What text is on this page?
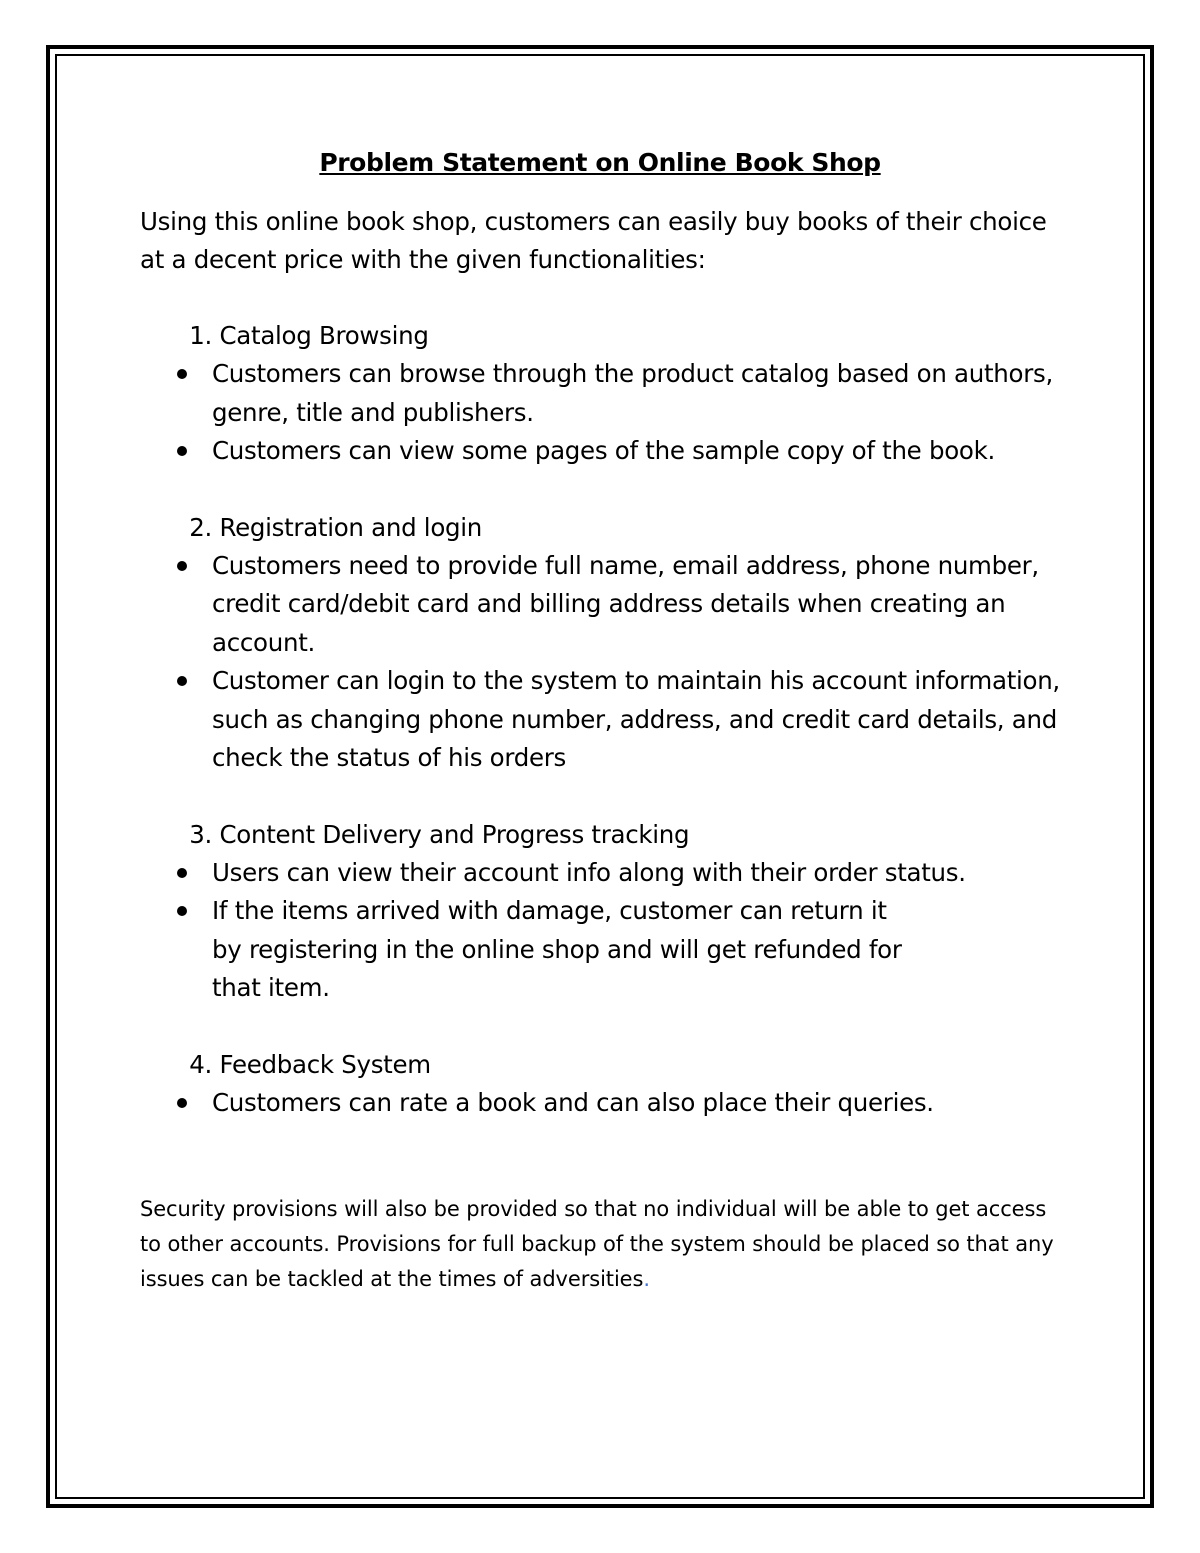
Problem Statement on Online Book Shop

Using this online book shop, customers can easily buy books of their choice at a decent price with the given functionalities:

1. Catalog Browsing
Customers can browse through the product catalog based on authors, genre, title and publishers.
Customers can view some pages of the sample copy of the book.
2. Registration and login
Customers need to provide full name, email address, phone number, credit card/debit card and billing address details when creating an account.
Customer can login to the system to maintain his account information, such as changing phone number, address, and credit card details, and check the status of his orders
3. Content Delivery and Progress tracking
Users can view their account info along with their order status.
If the items arrived with damage, customer can return it by registering in the online shop and will get refunded for that item.
4. Feedback System
Customers can rate a book and can also place their queries.

Security provisions will also be provided so that no individual will be able to get access to other accounts. Provisions for full backup of the system should be placed so that any issues can be tackled at the times of adversities.
